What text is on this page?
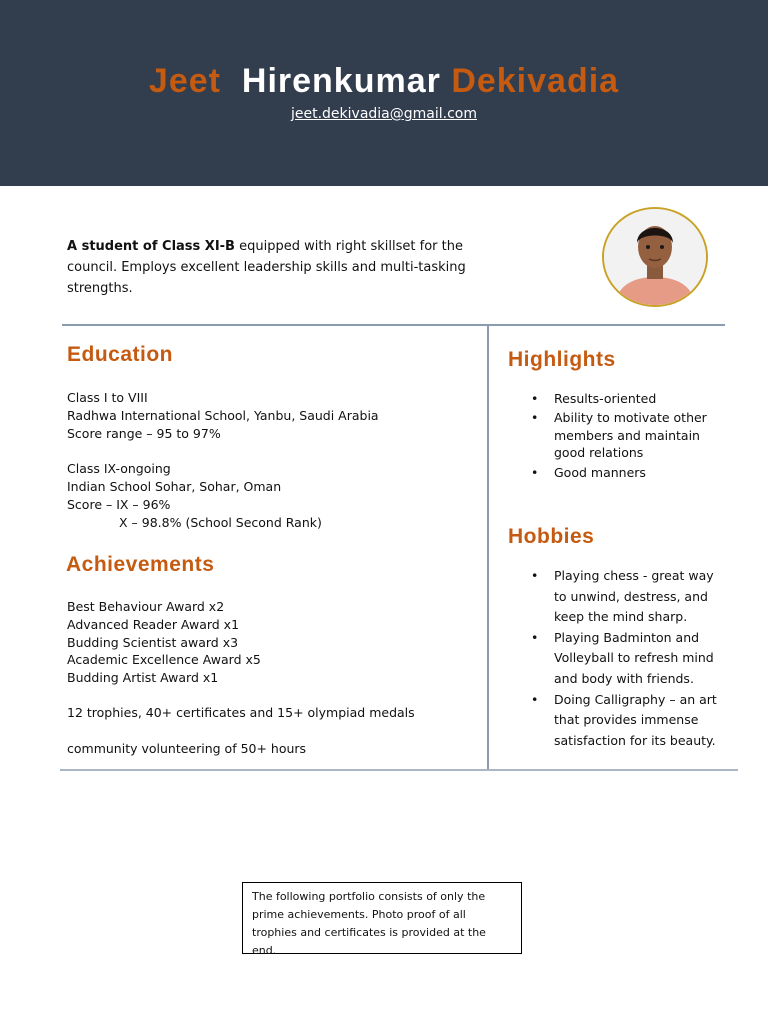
Jeet Hirenkumar Dekivadia
jeet.dekivadia@gmail.com
A student of Class XI-B equipped with right skillset for the council. Employs excellent leadership skills and multi-tasking strengths.
Education
Class I to VIII
Radhwa International School, Yanbu, Saudi Arabia
Score range – 95 to 97%
Class IX-ongoing
Indian School Sohar, Sohar, Oman
Score – IX – 96%
X – 98.8% (School Second Rank)
Achievements
Best Behaviour Award x2
Advanced Reader Award x1
Budding Scientist award x3
Academic Excellence Award x5
Budding Artist Award x1
12 trophies, 40+ certificates and 15+ olympiad medals
community volunteering of 50+ hours
Highlights
• Results-oriented
• Ability to motivate other
members and maintain
good relations
• Good manners
Hobbies
• Playing chess - great way
to unwind, destress, and
keep the mind sharp.
• Playing Badminton and
Volleyball to refresh mind
and body with friends.
• Doing Calligraphy – an art
that provides immense
satisfaction for its beauty.
The following portfolio consists of only the
prime achievements. Photo proof of all
trophies and certificates is provided at the end.
